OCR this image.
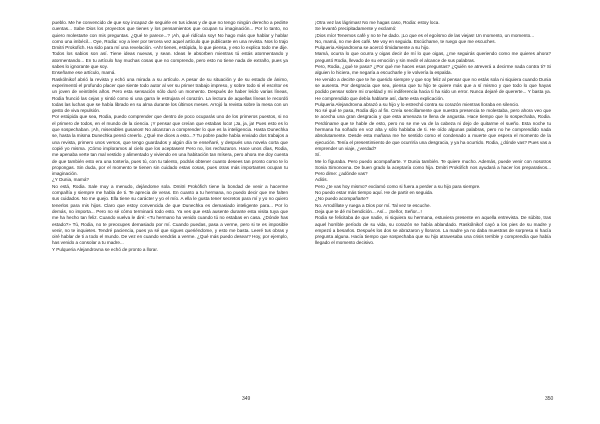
pueblo. Me he convencido de que soy incapaz de seguirle en tus ideas y de que no tengo ningún derecho a pedirte cuentas... Sabe Dios los proyectos que tienes y los pensamientos que ocupan tu imaginación... Por lo tanto, no quiero molestarte con mis preguntas. ¿Qué te parece...? ¡Ah, qué ridícula soy! No hago más que hablar y hablar como una imbécil... Oye, Rodia: voy a leer por tercera vez aquel artículo que publicaste en una revista. Nos lo trajo Dmitri Prokofich. Ha sido para mí una revelación. «Ah! tienes, estúpida, lo que piensa, y eso lo explica todo me dije. Todos los sabios son así. Tiene ideas nuevas, y sean. Ideas le absorben mientras tú estás atormentando y atormentando... En tu artículo hay muchas cosas que no comprendo, pero esto no tiene nada de extraño, pues ya sabes lo ignorante que soy.

Enseñame ese artículo, mamá.

Raskólnikof abrió la revista y echó una mirada a su artículo. A pesar de su situación y de su estado de ánimo, experimentó el profundo placer que siente todo autor al ver su primer trabajo impreso, y sobre todo si el escritor es un joven de veintitrés años. Pero esta sensación sólo duró un momento. Después de haber leído varias líneas, Rodia frunció las cejas y sintió como si una garra le estrujara el corazón. La lectura de aquellas líneas le recordó todas las luchas que se había librado en su alma durante los últimos meses. Arrojó la revista sobre la mesa con un gesto de viva repulsión.

Por estúpida que sea, Rodia, puedo comprender que dentro de poco ocuparás uno de los primeros puestos, si no el primero de todos, en el mundo de la ciencia. ¡Y pensar que creían que estabas loco! ¡Ja, ja, ja! Pues esto es lo que sospechaban. ¡Ah, miserables gusanos! No alcanzan a comprender lo que es la inteligencia. Hasta Dunechka se, hasta la misma Dunechka pensó creerlo. ¿Qué me dices a esto...? Tu pobre padre había enviado dos trabajos a una revista, primero unos versos, que tengo guardados y algún día te enseñaré, y después una novela corta que copié yo misma. ¡Cómo imploramos al cielo que los aceptasen! Pero no, los rechazaron. Hace unos días, Rodia, me apenaba verte tan mal vestido y alimentado y viviendo en una habitación tan mísera, pero ahora me doy cuenta de que también esto era una tontería, pues tú, con tu talento, podrás obtener cuanto desees tan pronto como te lo propongas. Sin duda, por el momento te tienen sin cuidado estas cosas, pues otras más importantes ocupan tu imaginación.

¿Y Dunia, mamá?

No está, Rodia. Sale muy a menudo, dejándome sola. Dmitri Prokófich tiene la bondad de venir a hacerme compañía y siempre me habla de ti. Te aprecia de veras. En cuanto a tu hermana, no puedo decir que me falten sus cuidados. No me quejo. Ella tiene su carácter y yo el mío. A ella le gusta tener secretos para mí y yo no quiero tenerlos para mis hijos. Claro que estoy convencida de que Dunechka es demasiado inteligente para... Por lo demás, no importa... Pero no sé cómo terminará todo esto. Ya ves que está ausente durante esta visita tuya que me ha hecho tan feliz. Cuando vuelva le diré: «Tu hermano ha venido cuando tú no estabas en casa. ¿Dónde has estado?» Tú, Rodia, no te preocupes demasiado por mí. Cuando puedas, pasa a verme, pero si te es imposible venir, no te inquietes. Tendré paciencia, pues ya sé que sigues queriéndome, y esto me basta. Leeré tus obras y oiré hablar de ti a todo el mundo. De vez en cuando vendrás a verme. ¿Qué más puedo desear? Hoy, por ejemplo, has venido a consolar a tu madre...

Y Pulqueria Alejandrovna se echó de pronto a llorar.

349

¡Otra vez las lágrimas! No me hagas caso, Rodia: estoy loca.

Se levantó precipitadamente y exclamó:

¡Dios mío! Tenemos café y no te he dado. ¡Lo que es el egoísmo de las viejas! Un momento, un momento...

No, mamá, no me des café. Me voy en seguida. Escúchame, te ruego que me escuches.

Pulqueria Alejandrovna se acercó tímidamente a su hijo.

Mamá, ocurra lo que ocurra y oigas decir de mí lo que oigas, ¿me seguirás queriendo como me quieres ahora? preguntó Rodia, llevado de su emoción y sin medir el alcance de sus palabras.

Pero, Rodia, ¿qué te pasa? ¿Por qué me haces esas preguntas? ¿Quién se atreverá a decirme nada contra ti? Si alguien lo hiciera, me negaría a escucharle y le volvería la espalda.

He venido a decirte que te he querido siempre y que soy feliz al pensar que no estás sola ni siquiera cuando Dunia se ausenta. Por desgracia que sea, piensa que tu hijo te quiere más que a sí mismo y que todo lo que hayas podido pensar sobre mi crueldad y mi indiferencia hacia ti ha sido un error. Nunca dejaré de quererte... Y basta ya. He comprendido que debía hablarte así, darte esta explicación.

Pulqueria Alejandrovna abrazó a su hijo y lo estrechó contra su corazón mientras lloraba en silencio.

No sé qué te pasa, Rodia dijo al fin. Creía sencillamente que nuestra presencia te molestaba, pero ahora veo que te acecha una gran desgracia y que esta amenaza te llena de angustia. Hace tiempo que lo sospechaba, Rodia. Perdóname que te hable de esto, pero no se me va de la cabeza ni dejo de quitarme el sueño. Esta noche tu hermana ha soñado en voz alta y sólo hablaba de ti. He oído algunas palabras, pero no he comprendido nada absolutamente. Desde esta mañana me he sentido como el condenado a muerte que espera el momento de la ejecución. Tenía el presentimiento de que ocurriría una desgracia, y ya ha ocurrido. Rodia, ¿dónde vas? Pues vas a emprender un viaje, ¿verdad?

Sí.

Me lo figuraba. Pero puedo acompañarte. Y Dunia también. Te quiere mucho. Además, puede venir con nosotros Sonia Simonovna. De buen grado la aceptaría como hija. Dmitri Prokófich nos ayudará a hacer los preparativos... Pero dime: ¿adónde vas?

Adiós.

Pero ¿te vas hoy mismo? exclamó como si fuera a perder a su hijo para siempre.

No puedo estar más tiempo aquí. He de partir en seguida.

¿No puedo acompañarte?

No. Arrodíllate y ruega a Dios por mí. Tal vez te escuche.

Deja que te dé mi bendición... Así... ¡Señor, Señor...!

Rodia se felicitaba de que nadie, ni siquiera su hermana, estuviera presente en aquella entrevista. De súbito, tras aquel horrible período de su vida, su corazón se había ablandado. Raskólnikof cayó a los pies de su madre y empezó a besarlos. Después los dos se abrazaron y lloraron. La madre ya no daba muestras de sorpresa ni hacía pregunta alguna. Hacía tiempo que sospechaba que su hijo atravesaba una crisis terrible y comprendía que había llegado el momento decisivo.

350
